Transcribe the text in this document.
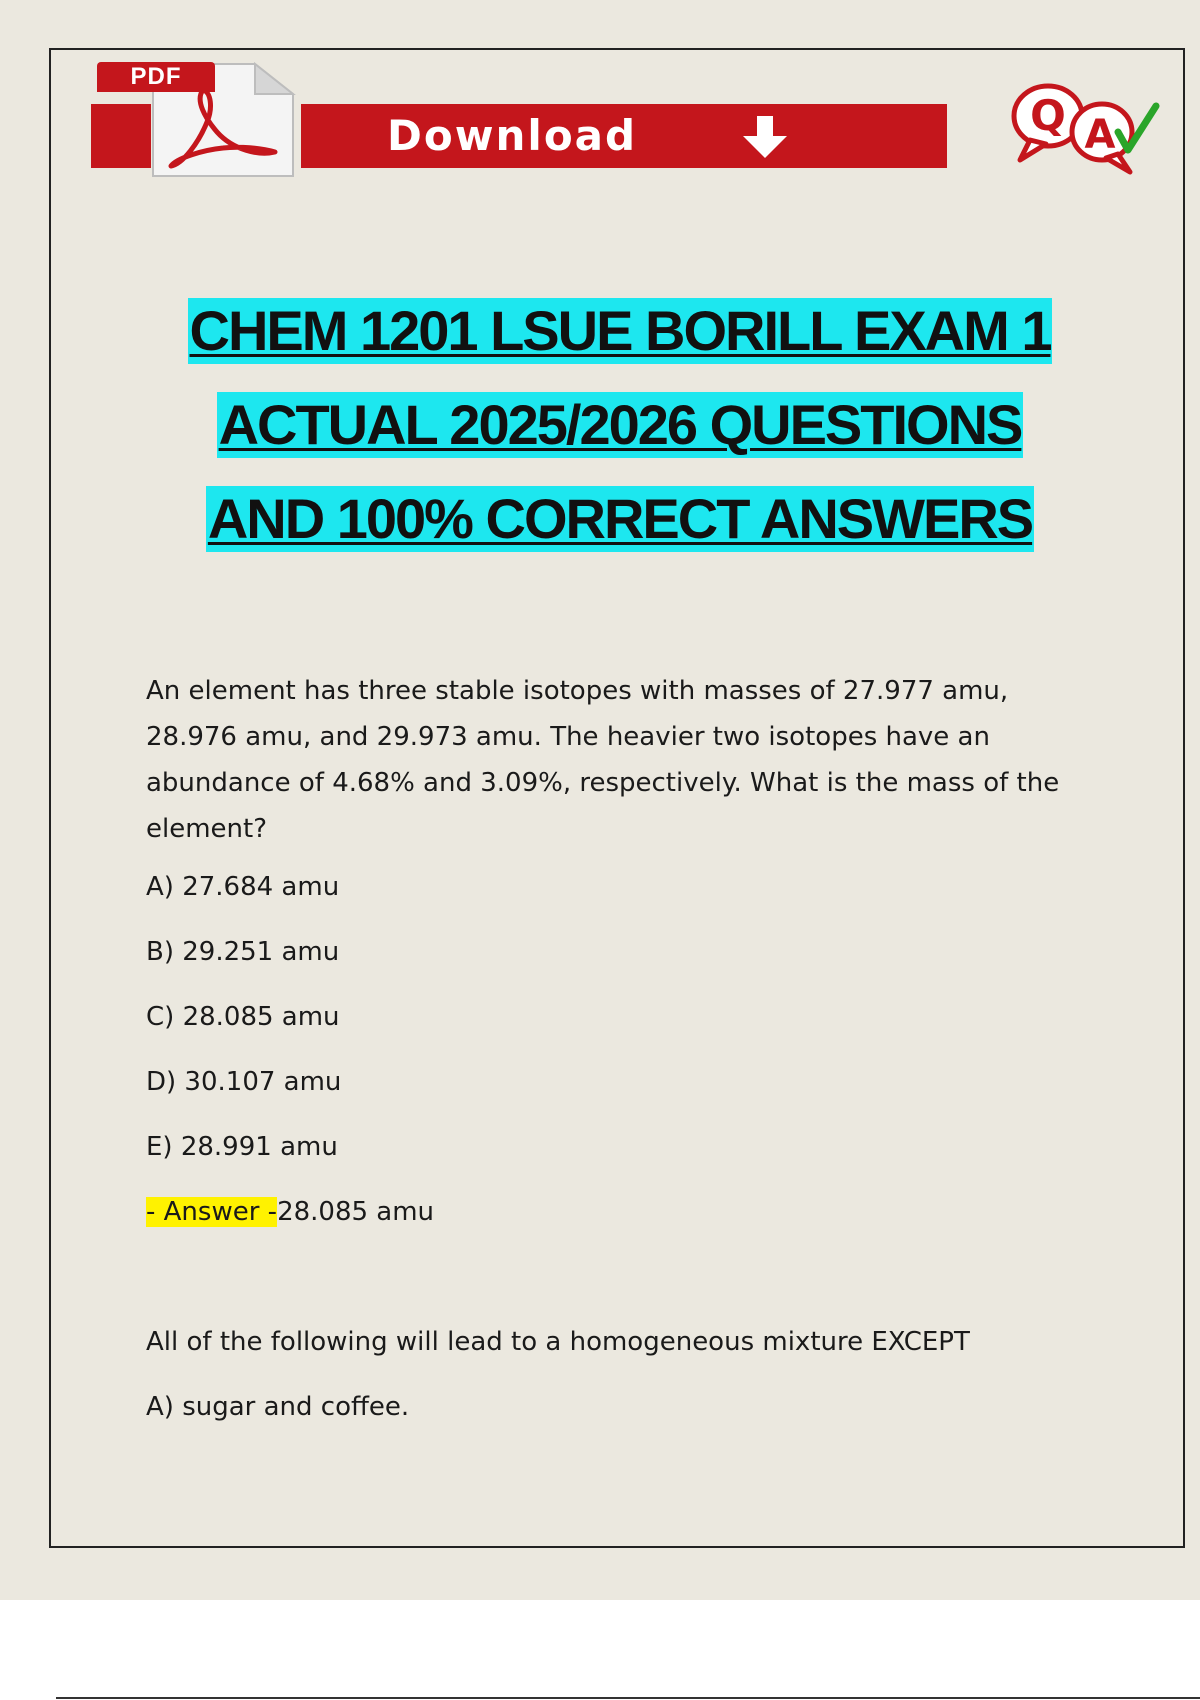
PDF
Download	Q A
CHEM 1201 LSUE BORILL EXAM 1
ACTUAL 2025/2026 QUESTIONS
AND 100% CORRECT ANSWERS

An element has three stable isotopes with masses of 27.977 amu, 28.976 amu, and 29.973 amu. The heavier two isotopes have an abundance of 4.68% and 3.09%, respectively. What is the mass of the element?

A) 27.684 amu

B) 29.251 amu

C) 28.085 amu

D) 30.107 amu

E) 28.991 amu

- Answer -28.085 amu

All of the following will lead to a homogeneous mixture EXCEPT

A) sugar and coffee.
